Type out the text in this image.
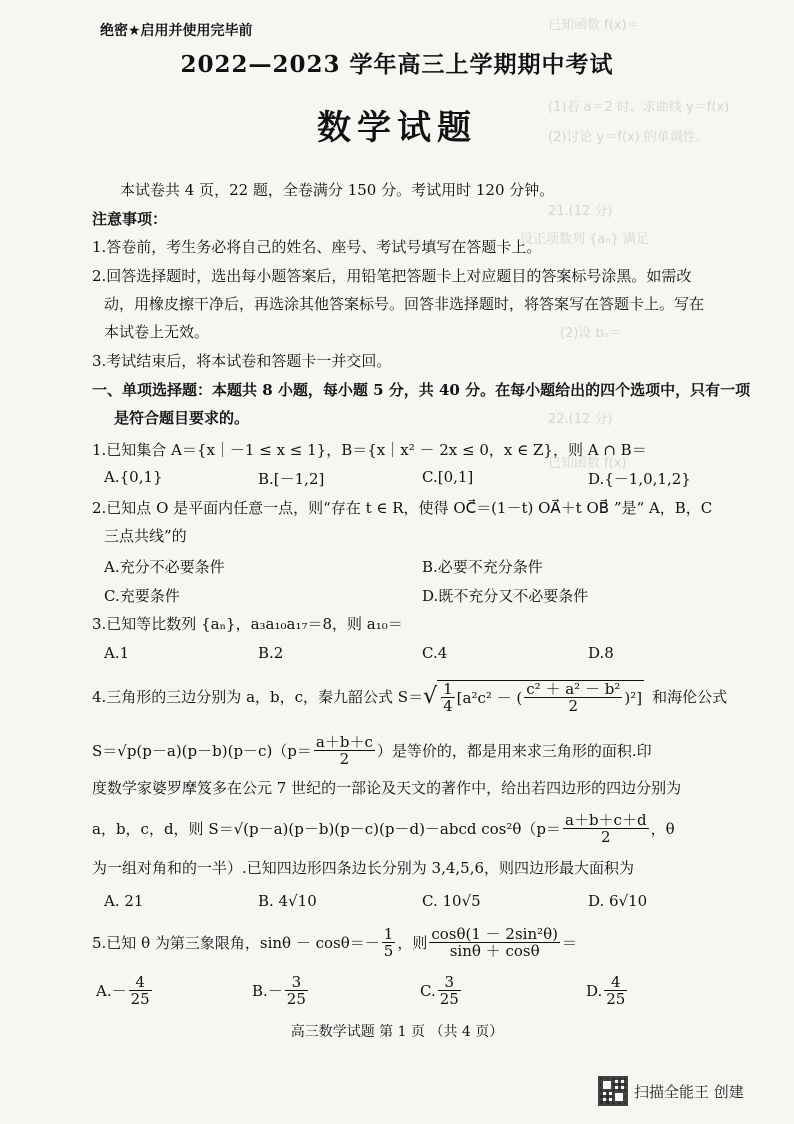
已知函数 f(x)＝
(1)若 a＝2 时，求曲线 y＝f(x)
(2)讨论 y＝f(x) 的单调性。
21.(12 分)
设正项数列 {aₙ} 满足
(2)设 bₙ＝
22.(12 分)
已知函数 f(x)
绝密★启用并使用完毕前
2022—2023 学年高三上学期期中考试
数学试题
本试卷共 4 页，22 题，全卷满分 150 分。考试用时 120 分钟。
注意事项：
1.答卷前，考生务必将自己的姓名、座号、考试号填写在答题卡上。
2.回答选择题时，选出每小题答案后，用铅笔把答题卡上对应题目的答案标号涂黑。如需改
动，用橡皮擦干净后，再选涂其他答案标号。回答非选择题时，将答案写在答题卡上。写在
本试卷上无效。
3.考试结束后，将本试卷和答题卡一并交回。
一、单项选择题：本题共 8 小题，每小题 5 分，共 40 分。在每小题给出的四个选项中，只有一项
是符合题目要求的。
1.已知集合 A＝{x｜－1 ≤ x ≤ 1}，B＝{x｜x² － 2x ≤ 0，x ∈ Z}，则 A ∩ B＝
A.{0,1}	B.[－1,2]	C.[0,1]	D.{－1,0,1,2}
2.已知点 O 是平面内任意一点，则“存在 t ∈ R，使得 OC⃗＝(1－t) OA⃗＋t OB⃗ ”是“ A，B，C
三点共线”的
A.充分不必要条件	B.必要不充分条件
C.充要条件	D.既不充分又不必要条件
3.已知等比数列 {aₙ}，a₃a₁₀a₁₇＝8，则 a₁₀＝
A.1	B.2	C.4	D.8
4.三角形的三边分别为 a，b，c，秦九韶公式 S＝ √ $\frac{1}{4} [a^2c^2$ － ( $\frac{\text{c² ＋ a² － b²}}{2} )^2$] 和海伦公式
$S=√p(p-a)(p-b)(p-c)(p= \frac{a+b+c}{2}$ ）是等价的，都是用来求三角形的面积.印
度数学家婆罗摩笈多在公元 7 世纪的一部论及天文的著作中，给出若四边形的四边分别为
a，b，c，d，则 S＝√(p－a)(p－b)(p－c)(p－d)－abcd $\cos^2\theta(p= \frac{a+b+c+d}{2}$ ，θ
为一组对角和的一半）.已知四边形四条边长分别为 3,4,5,6，则四边形最大面积为
A. 21	B. 4√10	C. 10√5	D. 6√10
5.已知 θ 为第三象限角，$\sin\theta - \cos\theta=- \frac{1}{5}$ ，则 $\frac{\text{cosθ(1 － 2sin²θ)}}{\sin\theta + \cos\theta}$ ＝
$A.- \frac{4}{25}$	$B.- \frac{3}{25}$	C. $\frac{3}{25}$	D. $\frac{4}{25}$
高三数学试题 第 1 页 （共 4 页）
扫描全能王 创建
